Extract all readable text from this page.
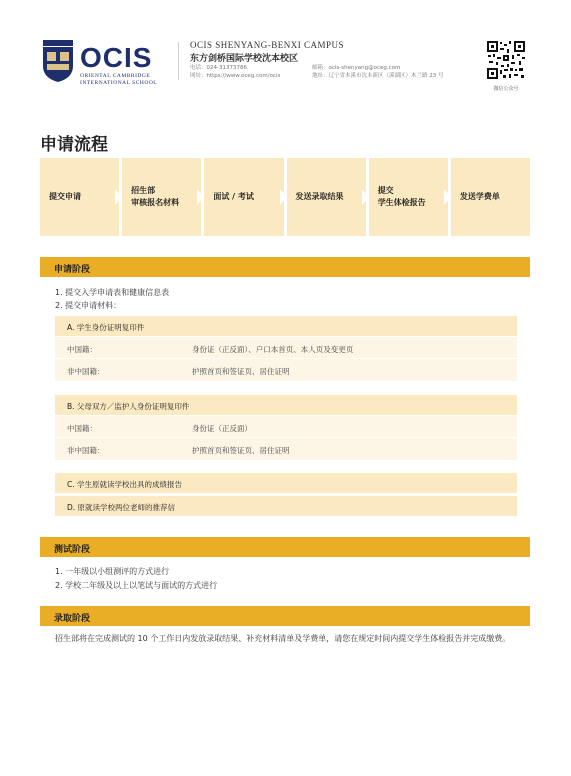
OCIS
ORIENTAL CAMBRIDGE
INTERNATIONAL SCHOOL
OCIS SHENYANG-BENXI CAMPUS
东方剑桥国际学校沈本校区
电话：024-31373786
网址：https://www.oceg.com/ocis
邮箱：ocis-shenyang@oceg.com
地址：辽宁省本溪市沈本新区（溪湖区）木兰路 23 号
微信公众号
申请流程
提交申请
招生部
审核报名材料
面试 / 考试	发送录取结果
提交
学生体检报告
发送学费单
申请阶段
1. 提交入学申请表和健康信息表
2. 提交申请材料：
A. 学生身份证明复印件
中国籍：	身份证（正反面）、户口本首页、本人页及变更页
非中国籍：	护照首页和签证页、居住证明
B. 父母双方／监护人身份证明复印件
中国籍：	身份证（正反面）
非中国籍：	护照首页和签证页、居住证明
C. 学生原就读学校出具的成绩报告
D. 原就读学校两位老师的推荐信
测试阶段
1. 一年级以小组测评的方式进行
2. 学校二年级及以上以笔试与面试的方式进行
录取阶段
招生部将在完成测试的 10 个工作日内发放录取结果、补充材料清单及学费单，请您在规定时间内提交学生体检报告并完成缴费。
